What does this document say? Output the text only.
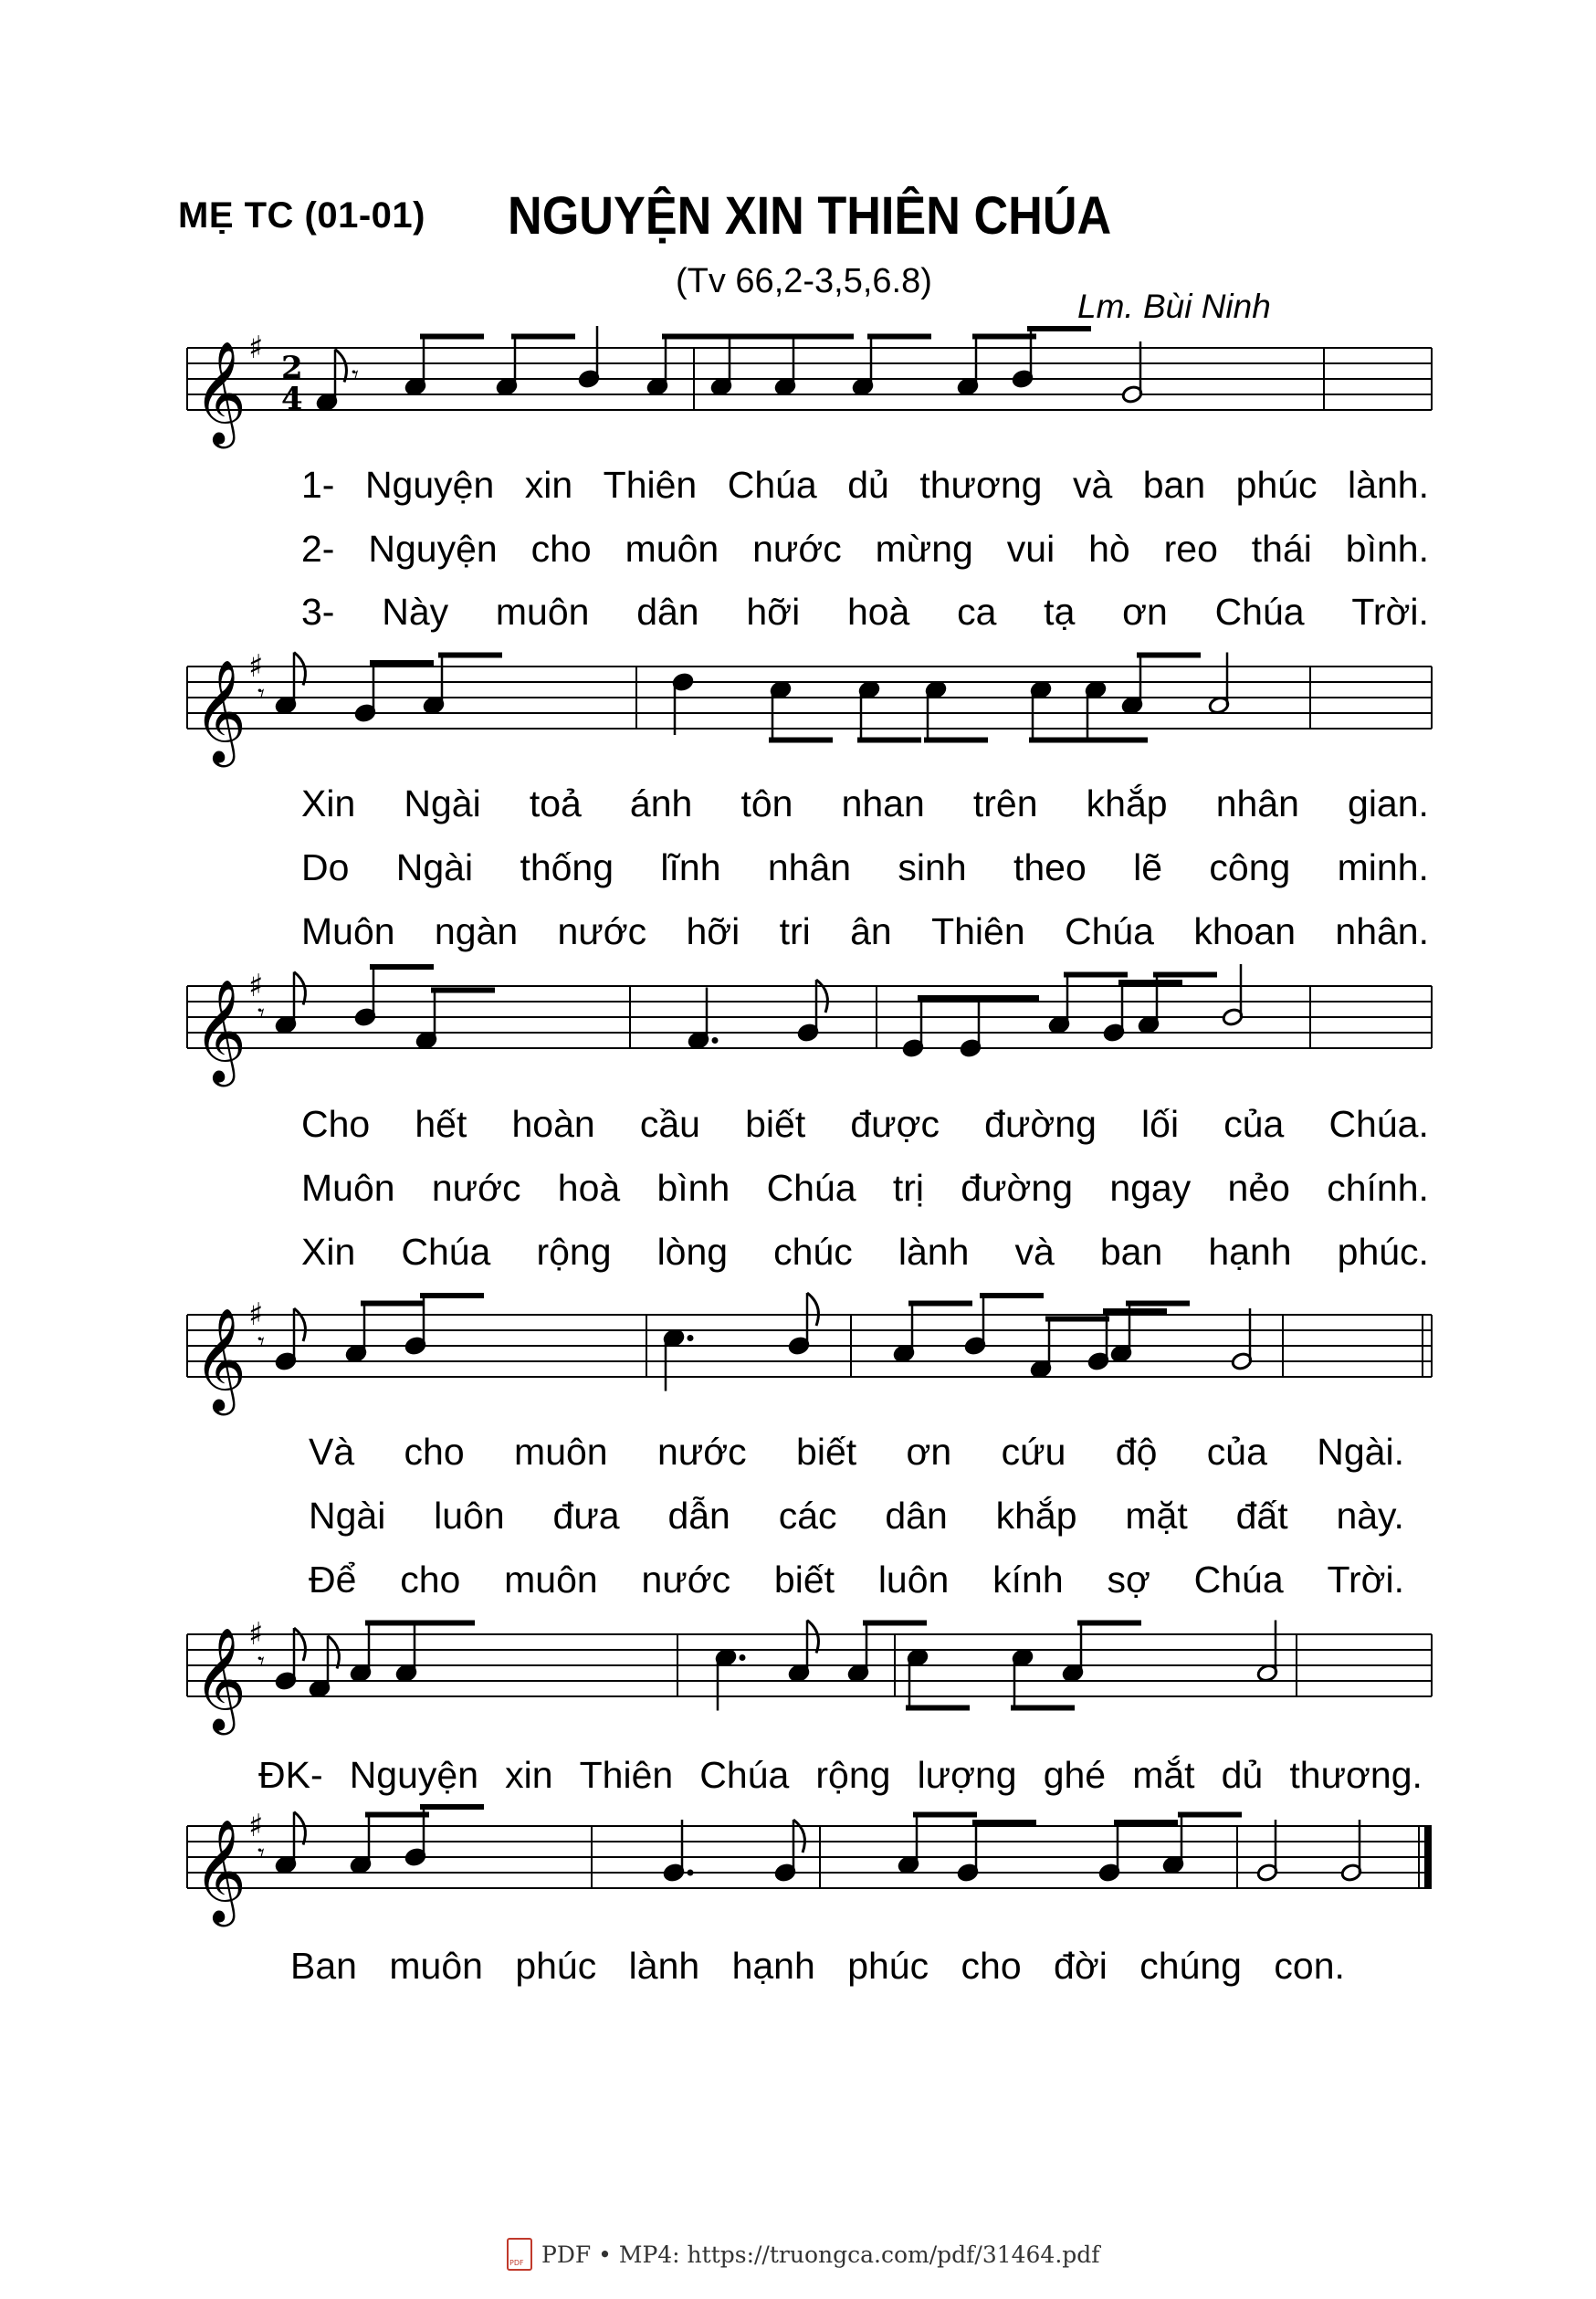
MẸ TC (01-01) NGUYỆN XIN THIÊN CHÚA
(Tv 66,2-3,5,6.8)
Lm. Bùi Ninh
𝄞 ♯
2
4
𝄾
𝄞 ♯
𝄾
𝄞 ♯
𝄾
𝄞 ♯
𝄾
𝄞 ♯
𝄾
𝄞 ♯
𝄾
1- Nguyện xin Thiên Chúa dủ thương và ban phúc lành.
2- Nguyện cho muôn nước mừng vui hò reo thái bình.
3- Này muôn dân hỡi hoà ca tạ ơn Chúa Trời.
Xin Ngài toả ánh tôn nhan trên khắp nhân gian.
Do Ngài thống lĩnh nhân sinh theo lẽ công minh.
Muôn ngàn nước hỡi tri ân Thiên Chúa khoan nhân.
Cho hết hoàn cầu biết được đường lối của Chúa.
Muôn nước hoà bình Chúa trị đường ngay nẻo chính.
Xin Chúa rộng lòng chúc lành và ban hạnh phúc.
Và cho muôn nước biết ơn cứu độ của Ngài.
Ngài luôn đưa dẫn các dân khắp mặt đất này.
Để cho muôn nước biết luôn kính sợ Chúa Trời.
ĐK- Nguyện xin Thiên Chúa rộng lượng ghé mắt dủ thương.
Ban muôn phúc lành hạnh phúc cho đời chúng con.
PDF
PDF • MP4: https://truongca.com/pdf/31464.pdf
